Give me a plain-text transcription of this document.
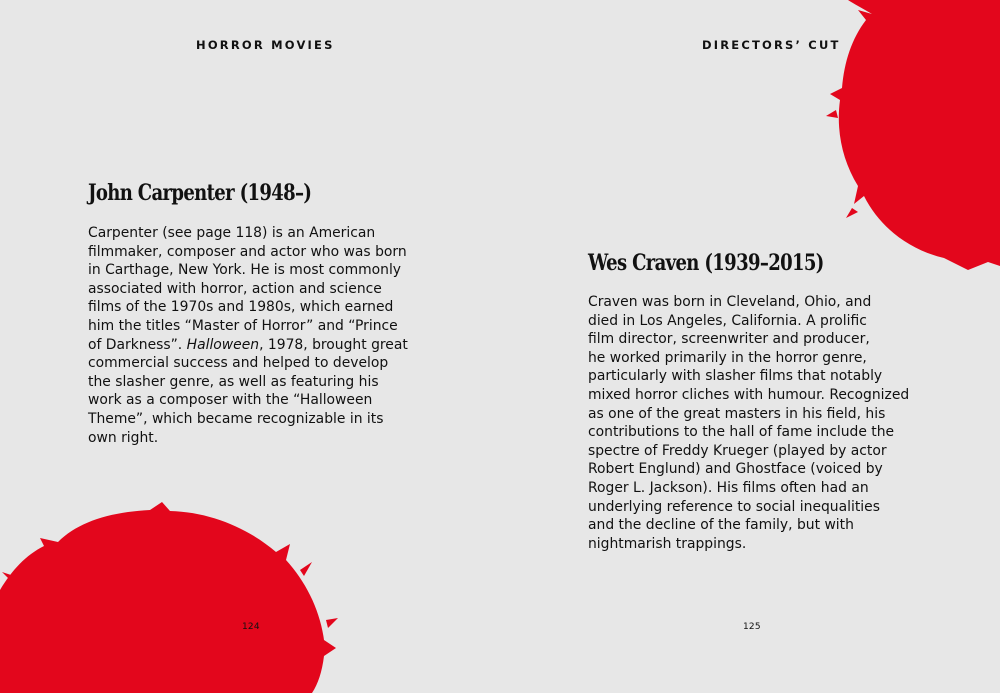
HORROR MOVIES
John Carpenter (1948–)
Carpenter (see page 118) is an American
filmmaker, composer and actor who was born
in Carthage, New York. He is most commonly
associated with horror, action and science
films of the 1970s and 1980s, which earned
him the titles “Master of Horror” and “Prince
of Darkness”. Halloween, 1978, brought great
commercial success and helped to develop
the slasher genre, as well as featuring his
work as a composer with the “Halloween
Theme”, which became recognizable in its
own right.
124
DIRECTORS’ CUT
Wes Craven (1939–2015)
Craven was born in Cleveland, Ohio, and
died in Los Angeles, California. A prolific
film director, screenwriter and producer,
he worked primarily in the horror genre,
particularly with slasher films that notably
mixed horror cliches with humour. Recognized
as one of the great masters in his field, his
contributions to the hall of fame include the
spectre of Freddy Krueger (played by actor
Robert Englund) and Ghostface (voiced by
Roger L. Jackson). His films often had an
underlying reference to social inequalities
and the decline of the family, but with
nightmarish trappings.
125
